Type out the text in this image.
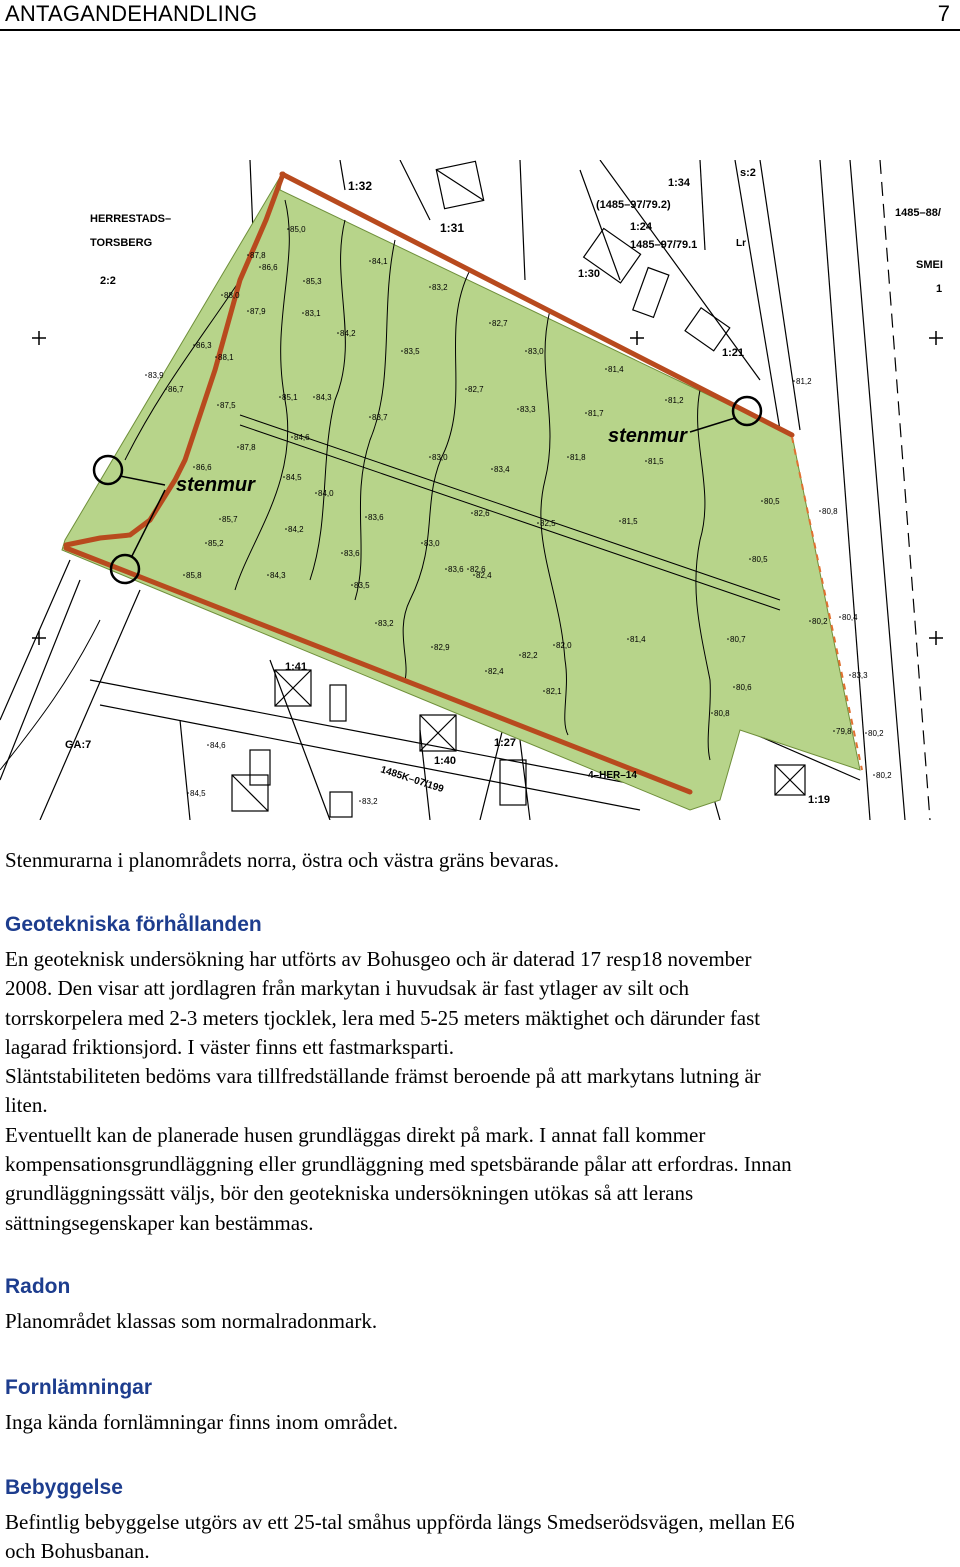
ANTAGANDEHANDLING	7
stenmur
stenmur
HERRESTADS–
TORSBERG
2:2
1:32
1:31
1:34
(1485–97/79.2)
1:24
1485–97/79.1
1:30
1:21
s:2
1485–88/
SMEI
1
Lr
1:41
GA:7
1:40
1:27
1485K–07/199	4–HER–14
1:19
85,0
87,8
86,6
85,3
84,1
88,0
87,9	83,1
83,2
84,2
86,3
88,1
83,5
82,7
83,0
83,9
86,7
85,1 84,3
82,7
81,4
87,5
83,7
83,3	81,7
81,2
81,2
87,8
84,6
83,0	81,8	81,5
86,6
84,5
83,4
84,0
83,6	82,6
82,5	81,5
80,5
80,8
85,7
84,2
83,6
83,0
80,5
85,2
83,6 82,6
85,8	84,3
83,5
82,4
83,2	80,2 80,4
82,9
82,2
82,0
81,4	80,7
82,4
80,6
83,3
82,1
80,8
79,8 80,2
80,2
84,6
84,5
83,2
Stenmurarna i planområdets norra, östra och västra gräns bevaras.
Geotekniska förhållanden

En geoteknisk undersökning har utförts av Bohusgeo och är daterad 17 resp18 november

2008. Den visar att jordlagren från markytan i huvudsak är fast ytlager av silt och

torrskorpelera med 2-3 meters tjocklek, lera med 5-25 meters mäktighet och därunder fast

lagarad friktionsjord. I väster finns ett fastmarksparti.

Släntstabiliteten bedöms vara tillfredställande främst beroende på att markytans lutning är

liten.

Eventuellt kan de planerade husen grundläggas direkt på mark. I annat fall kommer

kompensationsgrundläggning eller grundläggning med spetsbärande pålar att erfordras. Innan

grundläggningssätt väljs, bör den geotekniska undersökningen utökas så att lerans

sättningsegenskaper kan bestämmas.

Radon

Planområdet klassas som normalradonmark.

Fornlämningar

Inga kända fornlämningar finns inom området.

Bebyggelse

Befintlig bebyggelse utgörs av ett 25-tal småhus uppförda längs Smedserödsvägen, mellan E6

och Bohusbanan.
